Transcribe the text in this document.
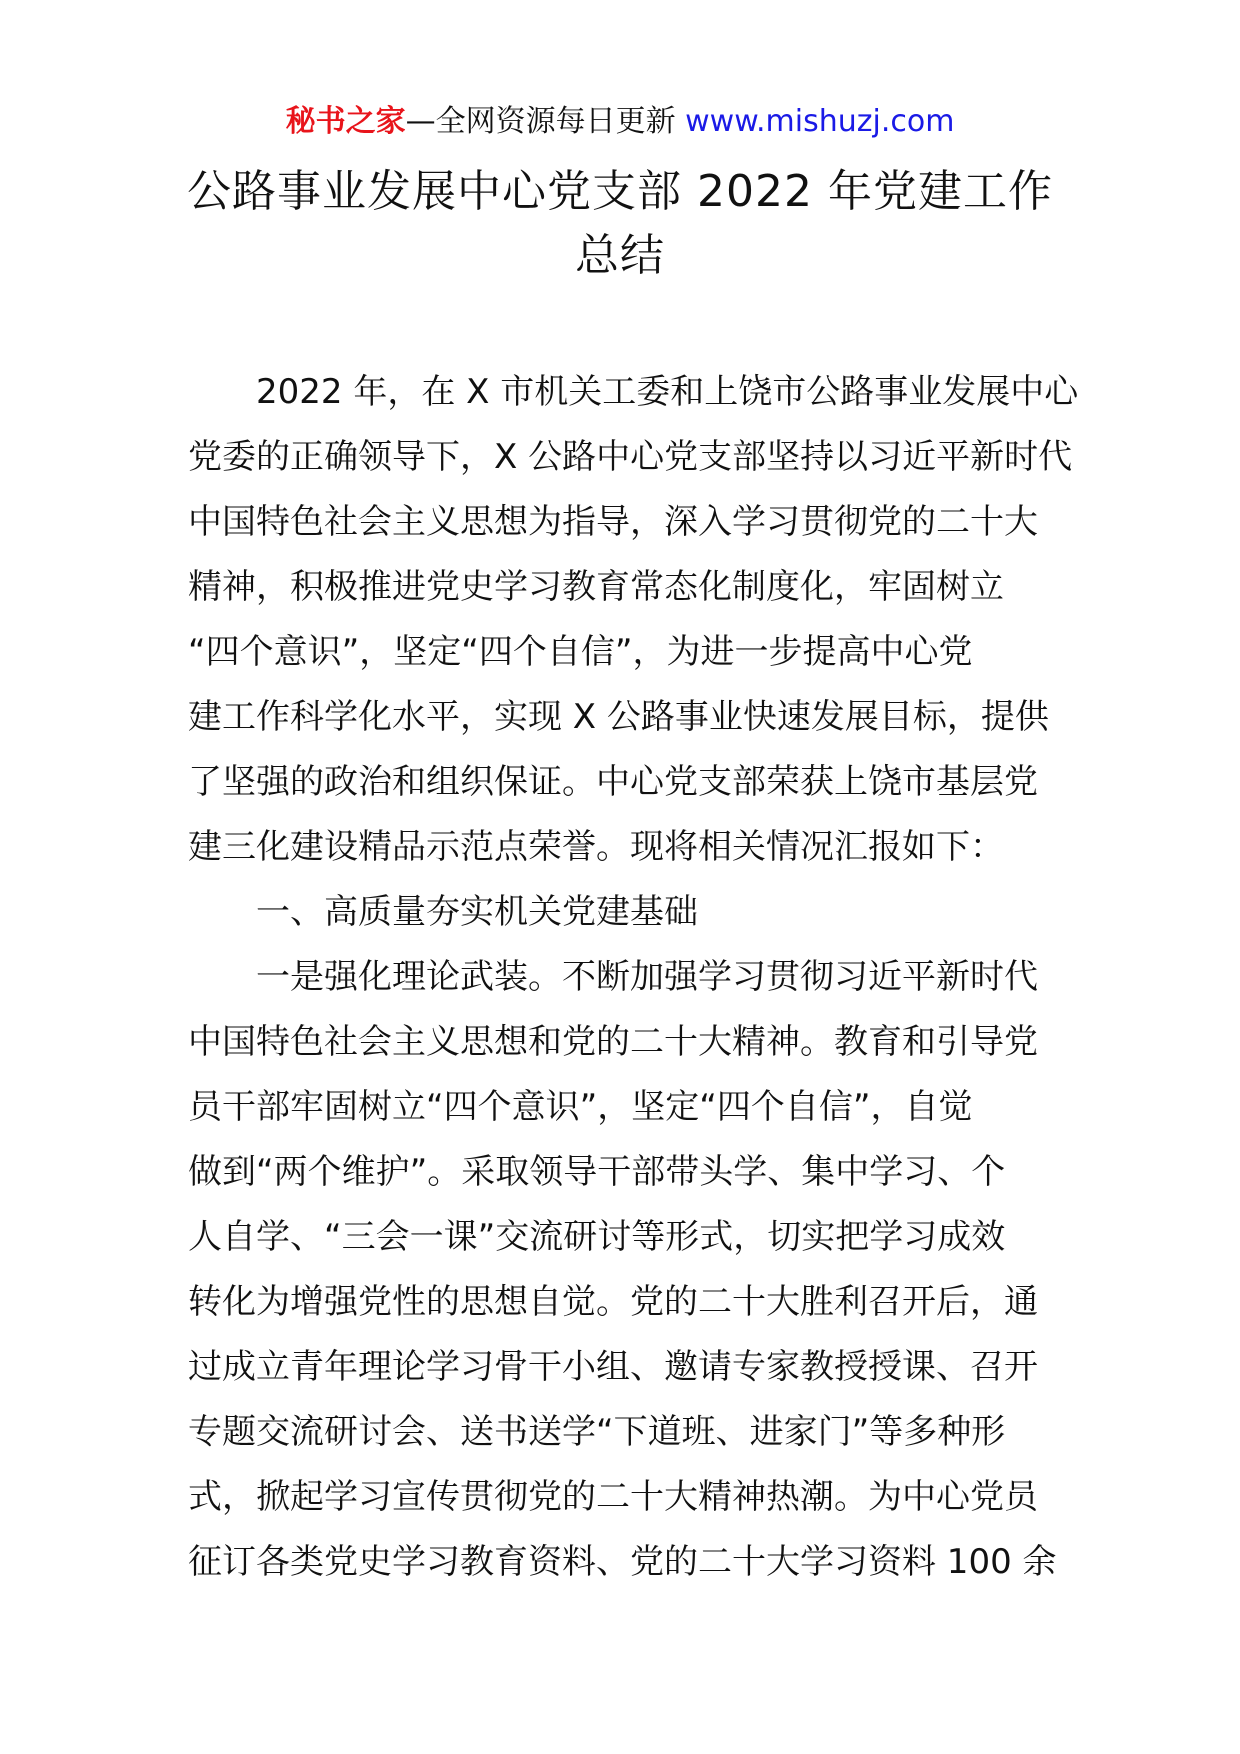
秘书之家—全网资源每日更新 www.mishuzj.com
公路事业发展中心党支部 2022 年党建工作
总结
2022 年，在 X 市机关工委和上饶市公路事业发展中心
党委的正确领导下，X 公路中心党支部坚持以习近平新时代
中国特色社会主义思想为指导，深入学习贯彻党的二十大
精神，积极推进党史学习教育常态化制度化，牢固树立
“四个意识”，坚定“四个自信”，为进一步提高中心党
建工作科学化水平，实现 X 公路事业快速发展目标，提供
了坚强的政治和组织保证。中心党支部荣获上饶市基层党
建三化建设精品示范点荣誉。现将相关情况汇报如下：
一、高质量夯实机关党建基础
一是强化理论武装。不断加强学习贯彻习近平新时代
中国特色社会主义思想和党的二十大精神。教育和引导党
员干部牢固树立“四个意识”，坚定“四个自信”，自觉
做到“两个维护”。采取领导干部带头学、集中学习、个
人自学、“三会一课”交流研讨等形式，切实把学习成效
转化为增强党性的思想自觉。党的二十大胜利召开后，通
过成立青年理论学习骨干小组、邀请专家教授授课、召开
专题交流研讨会、送书送学“下道班、进家门”等多种形
式，掀起学习宣传贯彻党的二十大精神热潮。为中心党员
征订各类党史学习教育资料、党的二十大学习资料 100 余
